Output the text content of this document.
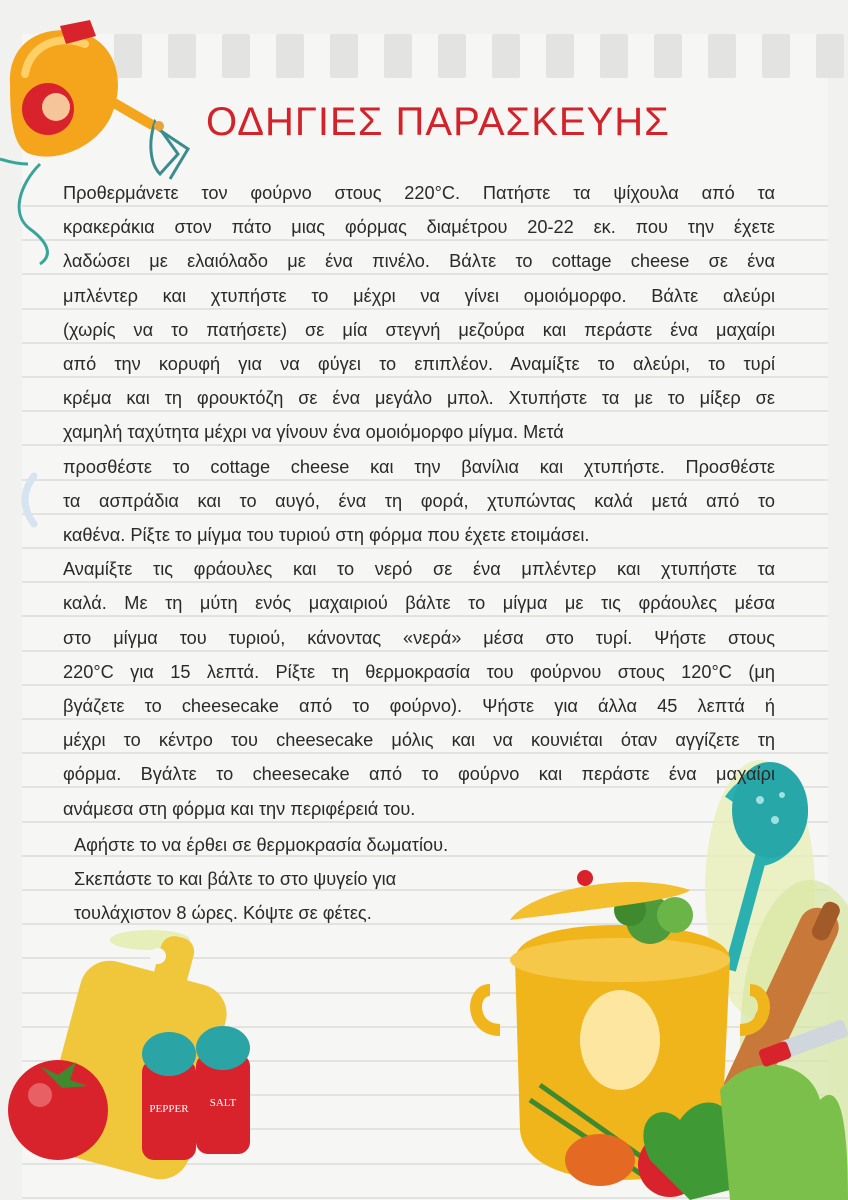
ΟΔΗΓΙΕΣ ΠΑΡΑΣΚΕΥΗΣ
PEPPER SALT
Προθερμάνετε τον φούρνο στους 220°C. Πατήστε τα ψίχουλα από τα
κρακεράκια στον πάτο μιας φόρμας διαμέτρου 20-22 εκ. που την έχετε
λαδώσει με ελαιόλαδο με ένα πινέλο. Βάλτε το cottage cheese σε ένα
μπλέντερ και χτυπήστε το μέχρι να γίνει ομοιόμορφο. Βάλτε αλεύρι
(χωρίς να το πατήσετε) σε μία στεγνή μεζούρα και περάστε ένα μαχαίρι
από την κορυφή για να φύγει το επιπλέον. Αναμίξτε το αλεύρι, το τυρί
κρέμα και τη φρουκτόζη σε ένα μεγάλο μπολ. Χτυπήστε τα με το μίξερ σε
χαμηλή ταχύτητα μέχρι να γίνουν ένα ομοιόμορφο μίγμα. Μετά
προσθέστε το cottage cheese και την βανίλια και χτυπήστε. Προσθέστε
τα ασπράδια και το αυγό, ένα τη φορά, χτυπώντας καλά μετά από το
καθένα. Ρίξτε το μίγμα του τυριού στη φόρμα που έχετε ετοιμάσει.
Αναμίξτε τις φράουλες και το νερό σε ένα μπλέντερ και χτυπήστε τα
καλά. Με τη μύτη ενός μαχαιριού βάλτε το μίγμα με τις φράουλες μέσα
στο μίγμα του τυριού, κάνοντας «νερά» μέσα στο τυρί. Ψήστε στους
220°C για 15 λεπτά. Ρίξτε τη θερμοκρασία του φούρνου στους 120°C (μη
βγάζετε το cheesecake από το φούρνο). Ψήστε για άλλα 45 λεπτά ή
μέχρι το κέντρο του cheesecake μόλις και να κουνιέται όταν αγγίζετε τη
φόρμα. Βγάλτε το cheesecake από το φούρνο και περάστε ένα μαχαίρι
ανάμεσα στη φόρμα και την περιφέρειά του.

Αφήστε το να έρθει σε θερμοκρασία δωματίου.

Σκεπάστε το και βάλτε το στο ψυγείο για

τουλάχιστον 8 ώρες. Κόψτε σε φέτες.
